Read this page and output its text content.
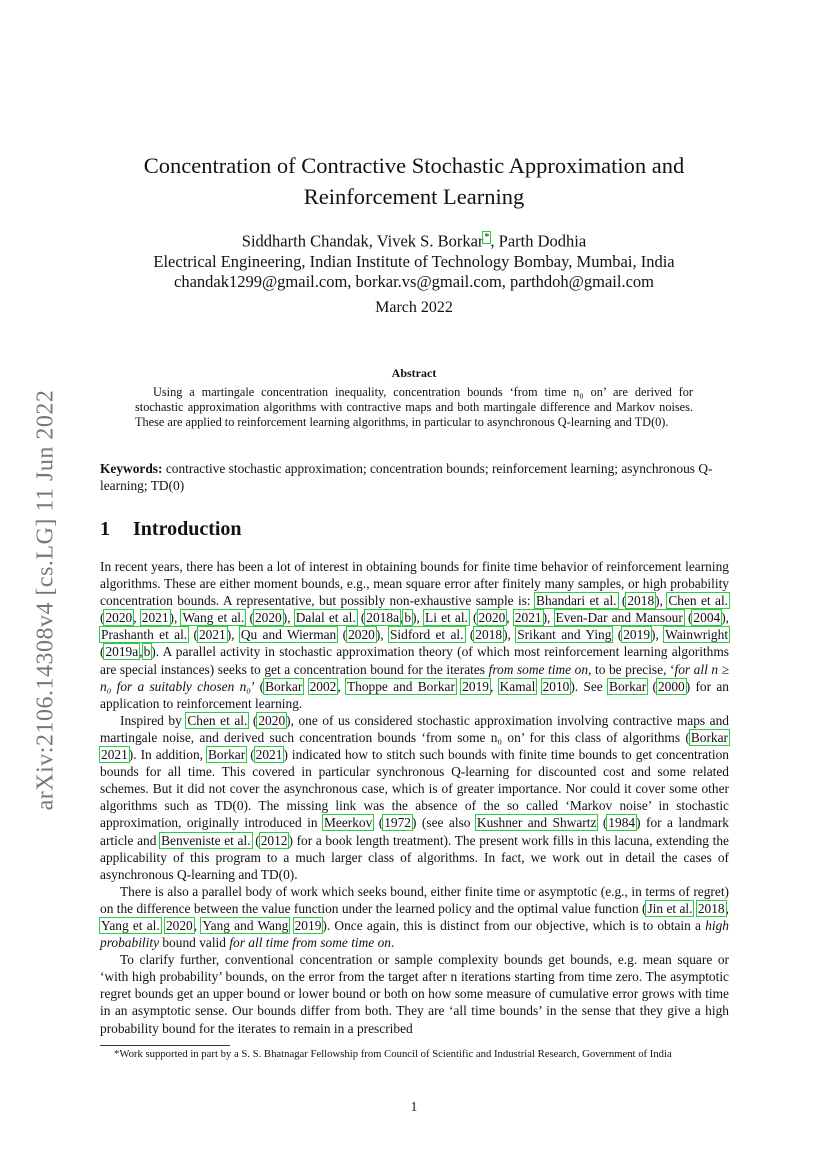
arXiv:2106.14308v4 [cs.LG] 11 Jun 2022
Concentration of Contractive Stochastic Approximation and
Reinforcement Learning
Siddharth Chandak, Vivek S. Borkar*, Parth Dodhia
Electrical Engineering, Indian Institute of Technology Bombay, Mumbai, India
chandak1299@gmail.com, borkar.vs@gmail.com, parthdoh@gmail.com
March 2022
Abstract
Using a martingale concentration inequality, concentration bounds ‘from time n₀ on’ are derived for stochastic approximation algorithms with contractive maps and both martingale difference and Markov noises. These are applied to reinforcement learning algorithms, in particular to asynchronous Q-learning and TD(0).
Keywords: contractive stochastic approximation; concentration bounds; reinforcement learning; asynchronous Q-learning; TD(0)
1 Introduction

In recent years, there has been a lot of interest in obtaining bounds for finite time behavior of reinforcement learning algorithms. These are either moment bounds, e.g., mean square error after finitely many samples, or high probability concentration bounds. A representative, but possibly non-exhaustive sample is: Bhandari et al. (2018), Chen et al. (2020, 2021), Wang et al. (2020), Dalal et al. (2018a,b), Li et al. (2020, 2021), Even-Dar and Mansour (2004), Prashanth et al. (2021), Qu and Wierman (2020), Sidford et al. (2018), Srikant and Ying (2019), Wainwright (2019a,b). A parallel activity in stochastic approximation theory (of which most reinforcement learning algorithms are special instances) seeks to get a concentration bound for the iterates from some time on, to be precise, ‘for all n ≥ n₀ for a suitably chosen n₀’ (Borkar 2002, Thoppe and Borkar 2019, Kamal 2010). See Borkar (2000) for an application to reinforcement learning.

Inspired by Chen et al. (2020), one of us considered stochastic approximation involving contractive maps and martingale noise, and derived such concentration bounds ‘from some n₀ on’ for this class of algorithms (Borkar 2021). In addition, Borkar (2021) indicated how to stitch such bounds with finite time bounds to get concentration bounds for all time. This covered in particular synchronous Q-learning for discounted cost and some related schemes. But it did not cover the asynchronous case, which is of greater importance. Nor could it cover some other algorithms such as TD(0). The missing link was the absence of the so called ‘Markov noise’ in stochastic approximation, originally introduced in Meerkov (1972) (see also Kushner and Shwartz (1984) for a landmark article and Benveniste et al. (2012) for a book length treatment). The present work fills in this lacuna, extending the applicability of this program to a much larger class of algorithms. In fact, we work out in detail the cases of asynchronous Q-learning and TD(0).

There is also a parallel body of work which seeks bound, either finite time or asymptotic (e.g., in terms of regret) on the difference between the value function under the learned policy and the optimal value function (Jin et al. 2018, Yang et al. 2020, Yang and Wang 2019). Once again, this is distinct from our objective, which is to obtain a high probability bound valid for all time from some time on.

To clarify further, conventional concentration or sample complexity bounds get bounds, e.g. mean square or ‘with high probability’ bounds, on the error from the target after n iterations starting from time zero. The asymptotic regret bounds get an upper bound or lower bound or both on how some measure of cumulative error grows with time in an asymptotic sense. Our bounds differ from both. They are ‘all time bounds’ in the sense that they give a high probability bound for the iterates to remain in a prescribed

*Work supported in part by a S. S. Bhatnagar Fellowship from Council of Scientific and Industrial Research, Government of India
1
